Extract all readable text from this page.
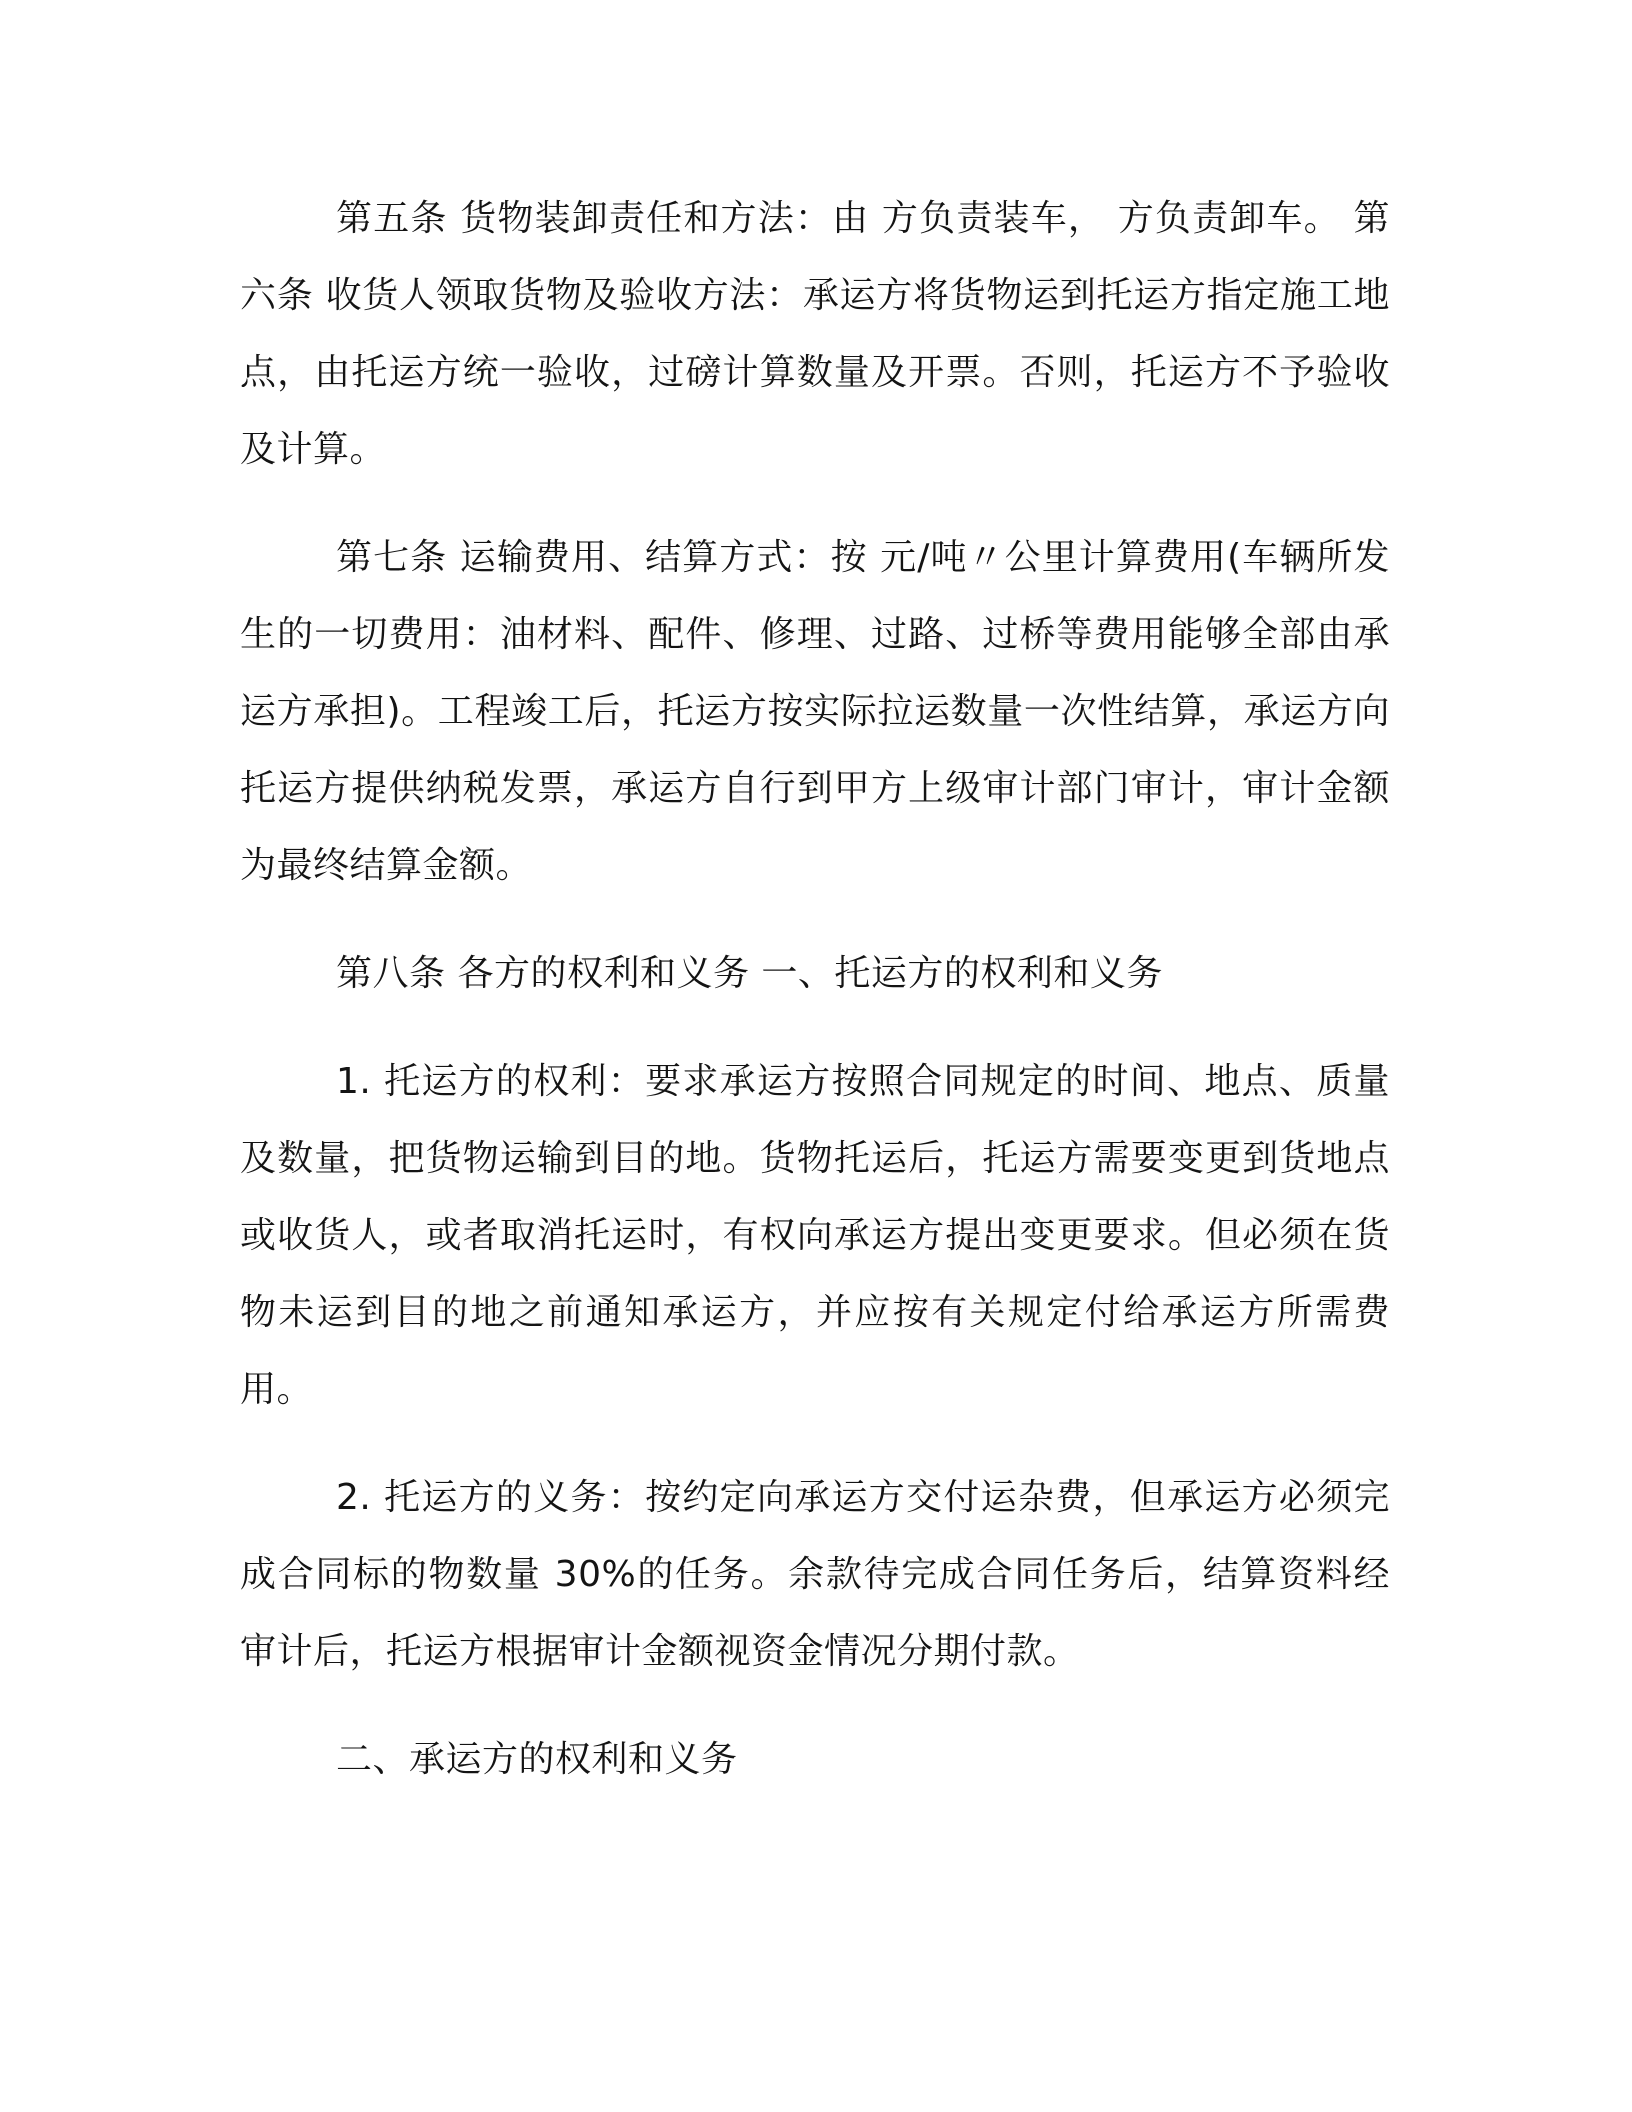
第五条 货物装卸责任和方法：由 方负责装车， 方负责卸车。 第六条 收货人领取货物及验收方法：承运方将货物运到托运方指定施工地点，由托运方统一验收，过磅计算数量及开票。否则，托运方不予验收及计算。

第七条 运输费用、结算方式：按 元/吨〃公里计算费用(车辆所发生的一切费用：油材料、配件、修理、过路、过桥等费用能够全部由承运方承担)。工程竣工后，托运方按实际拉运数量一次性结算，承运方向托运方提供纳税发票，承运方自行到甲方上级审计部门审计，审计金额为最终结算金额。

第八条 各方的权利和义务 一、托运方的权利和义务

1. 托运方的权利：要求承运方按照合同规定的时间、地点、质量及数量，把货物运输到目的地。货物托运后，托运方需要变更到货地点或收货人，或者取消托运时，有权向承运方提出变更要求。但必须在货物未运到目的地之前通知承运方，并应按有关规定付给承运方所需费用。

2. 托运方的义务：按约定向承运方交付运杂费，但承运方必须完成合同标的物数量 30%的任务。余款待完成合同任务后，结算资料经审计后，托运方根据审计金额视资金情况分期付款。

二、承运方的权利和义务
